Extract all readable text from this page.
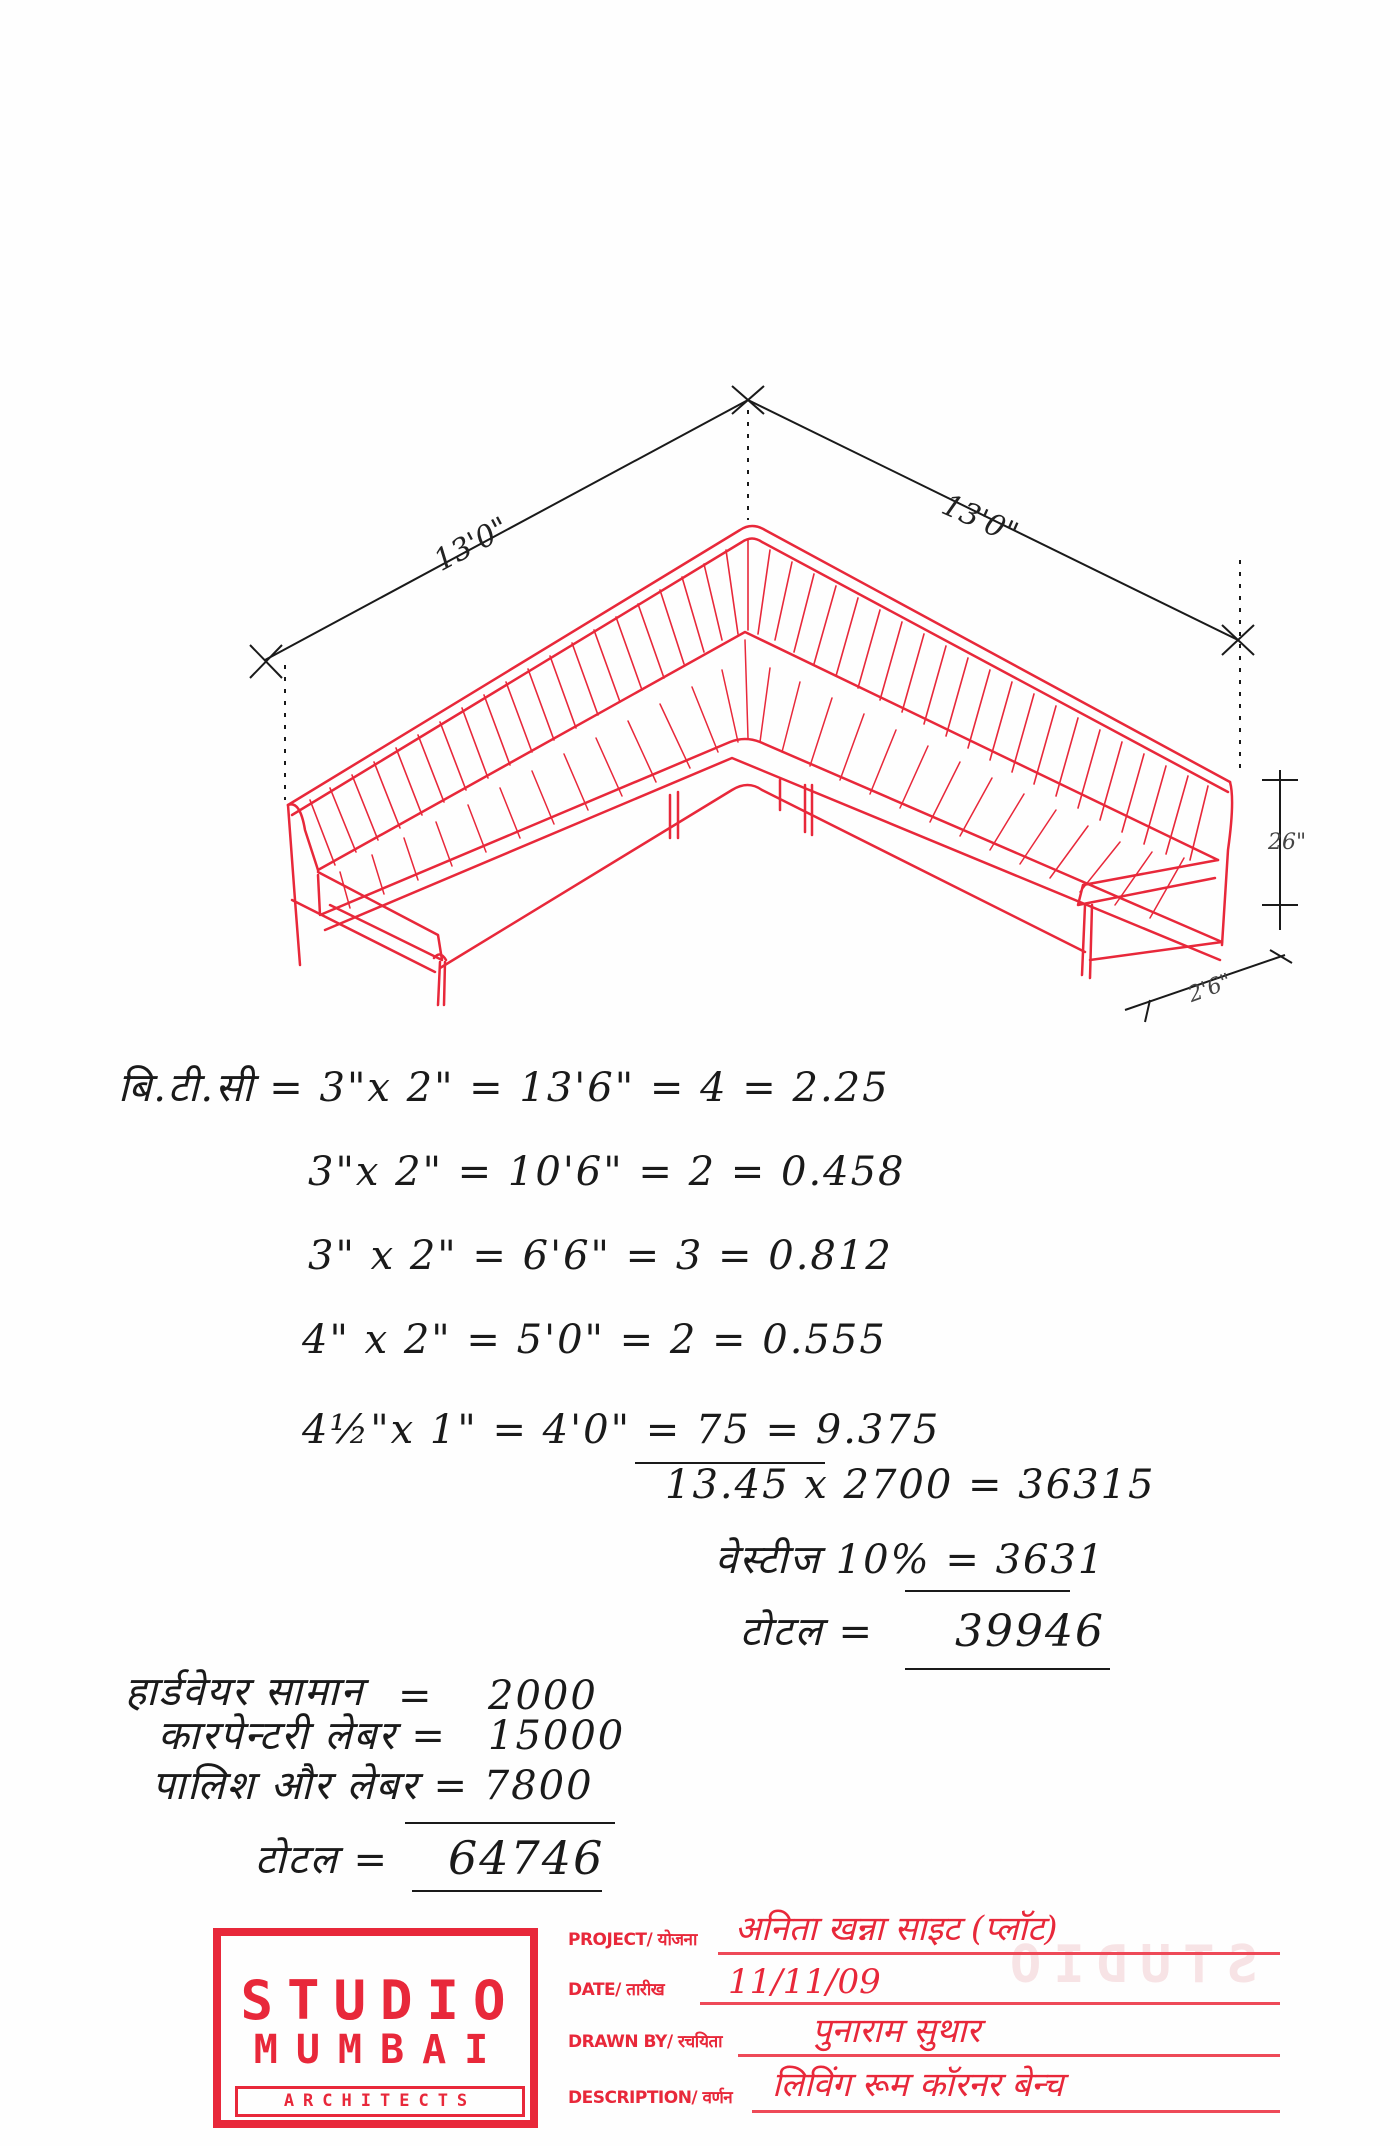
13'0"	13'0"
26"
2'6"
बि.टी.सी = 3"x 2" = 13'6" = 4 = 2.25
3"x 2" = 10'6" = 2 = 0.458
3" x 2" = 6'6" = 3 = 0.812
4" x 2" = 5'0" = 2 = 0.555
4½"x 1" = 4'0" = 75 = 9.375
13.45 x 2700 = 36315
वेस्टीज 10% = 3631
टोटल = 39946
हार्डवेयर सामान = 2000
कारपेन्टरी लेबर = 15000
पालिश और लेबर = 7800
टोटल = 64746
STUDIO
MUMBAI
ARCHITECTS
STUDIO
PROJECT/ योजना अनिता खन्ना साइट (प्लॉट)
DATE/ तारीख 11/11/09
DRAWN BY/ रचयिता	पुनाराम सुथार
DESCRIPTION/ वर्णन लिविंग रूम कॉरनर बेन्च
